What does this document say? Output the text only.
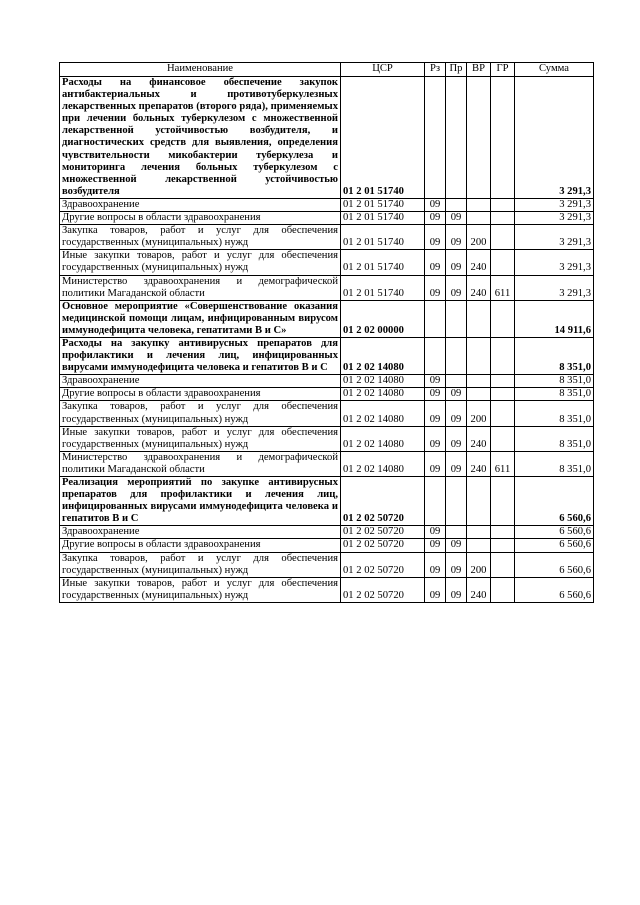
Наименование	ЦСР	Рз	Пр	ВР	ГР	Сумма
Расходы на финансовое обеспечение закупок антибактериальных и противотуберкулезных лекарственных препаратов (второго ряда), применяемых при лечении больных туберкулезом с множественной лекарственной устойчивостью возбудителя, и диагностических средств для выявления, определения чувствительности микобактерии туберкулеза и мониторинга лечения больных туберкулезом с множественной лекарственной устойчивостью возбудителя	01 2 01 51740					3 291,3
Здравоохранение	01 2 01 51740	09				3 291,3
Другие вопросы в области здравоохранения	01 2 01 51740	09	09			3 291,3
Закупка товаров, работ и услуг для обеспечения государственных (муниципальных) нужд	01 2 01 51740	09	09	200		3 291,3
Иные закупки товаров, работ и услуг для обеспечения государственных (муниципальных) нужд	01 2 01 51740	09	09	240		3 291,3
Министерство здравоохранения и демографической политики Магаданской области	01 2 01 51740	09	09	240	611	3 291,3
Основное мероприятие «Совершенствование оказания медицинской помощи лицам, инфицированным вирусом иммунодефицита человека, гепатитами B и C»	01 2 02 00000					14 911,6
Расходы на закупку антивирусных препаратов для профилактики и лечения лиц, инфицированных вирусами иммунодефицита человека и гепатитов B и C	01 2 02 14080					8 351,0
Здравоохранение	01 2 02 14080	09				8 351,0
Другие вопросы в области здравоохранения	01 2 02 14080	09	09			8 351,0
Закупка товаров, работ и услуг для обеспечения государственных (муниципальных) нужд	01 2 02 14080	09	09	200		8 351,0
Иные закупки товаров, работ и услуг для обеспечения государственных (муниципальных) нужд	01 2 02 14080	09	09	240		8 351,0
Министерство здравоохранения и демографической политики Магаданской области	01 2 02 14080	09	09	240	611	8 351,0
Реализация мероприятий по закупке антивирусных препаратов для профилактики и лечения лиц, инфицированных вирусами иммунодефицита человека и гепатитов B и C	01 2 02 50720					6 560,6
Здравоохранение	01 2 02 50720	09				6 560,6
Другие вопросы в области здравоохранения	01 2 02 50720	09	09			6 560,6
Закупка товаров, работ и услуг для обеспечения государственных (муниципальных) нужд	01 2 02 50720	09	09	200		6 560,6
Иные закупки товаров, работ и услуг для обеспечения государственных (муниципальных) нужд	01 2 02 50720	09	09	240		6 560,6
